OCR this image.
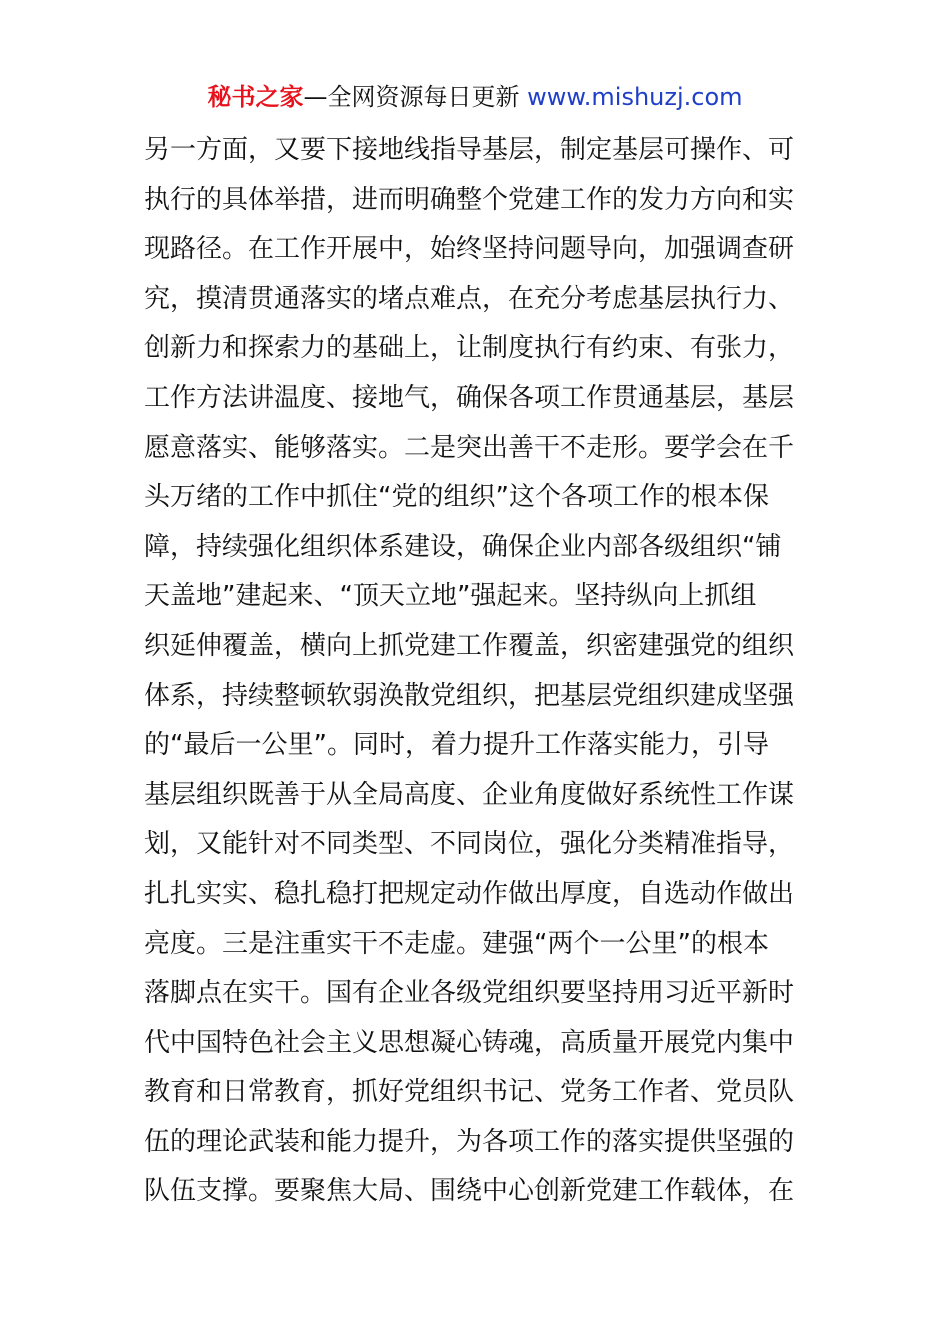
秘书之家—全网资源每日更新 www.mishuzj.com
另一方面，又要下接地线指导基层，制定基层可操作、可
执行的具体举措，进而明确整个党建工作的发力方向和实
现路径。在工作开展中，始终坚持问题导向，加强调查研
究，摸清贯通落实的堵点难点，在充分考虑基层执行力、
创新力和探索力的基础上，让制度执行有约束、有张力，
工作方法讲温度、接地气，确保各项工作贯通基层，基层
愿意落实、能够落实。二是突出善干不走形。要学会在千
头万绪的工作中抓住“党的组织”这个各项工作的根本保
障，持续强化组织体系建设，确保企业内部各级组织“铺
天盖地”建起来、“顶天立地”强起来。坚持纵向上抓组
织延伸覆盖，横向上抓党建工作覆盖，织密建强党的组织
体系，持续整顿软弱涣散党组织，把基层党组织建成坚强
的“最后一公里”。同时，着力提升工作落实能力，引导
基层组织既善于从全局高度、企业角度做好系统性工作谋
划，又能针对不同类型、不同岗位，强化分类精准指导，
扎扎实实、稳扎稳打把规定动作做出厚度，自选动作做出
亮度。三是注重实干不走虚。建强“两个一公里”的根本
落脚点在实干。国有企业各级党组织要坚持用习近平新时
代中国特色社会主义思想凝心铸魂，高质量开展党内集中
教育和日常教育，抓好党组织书记、党务工作者、党员队
伍的理论武装和能力提升，为各项工作的落实提供坚强的
队伍支撑。要聚焦大局、围绕中心创新党建工作载体，在
